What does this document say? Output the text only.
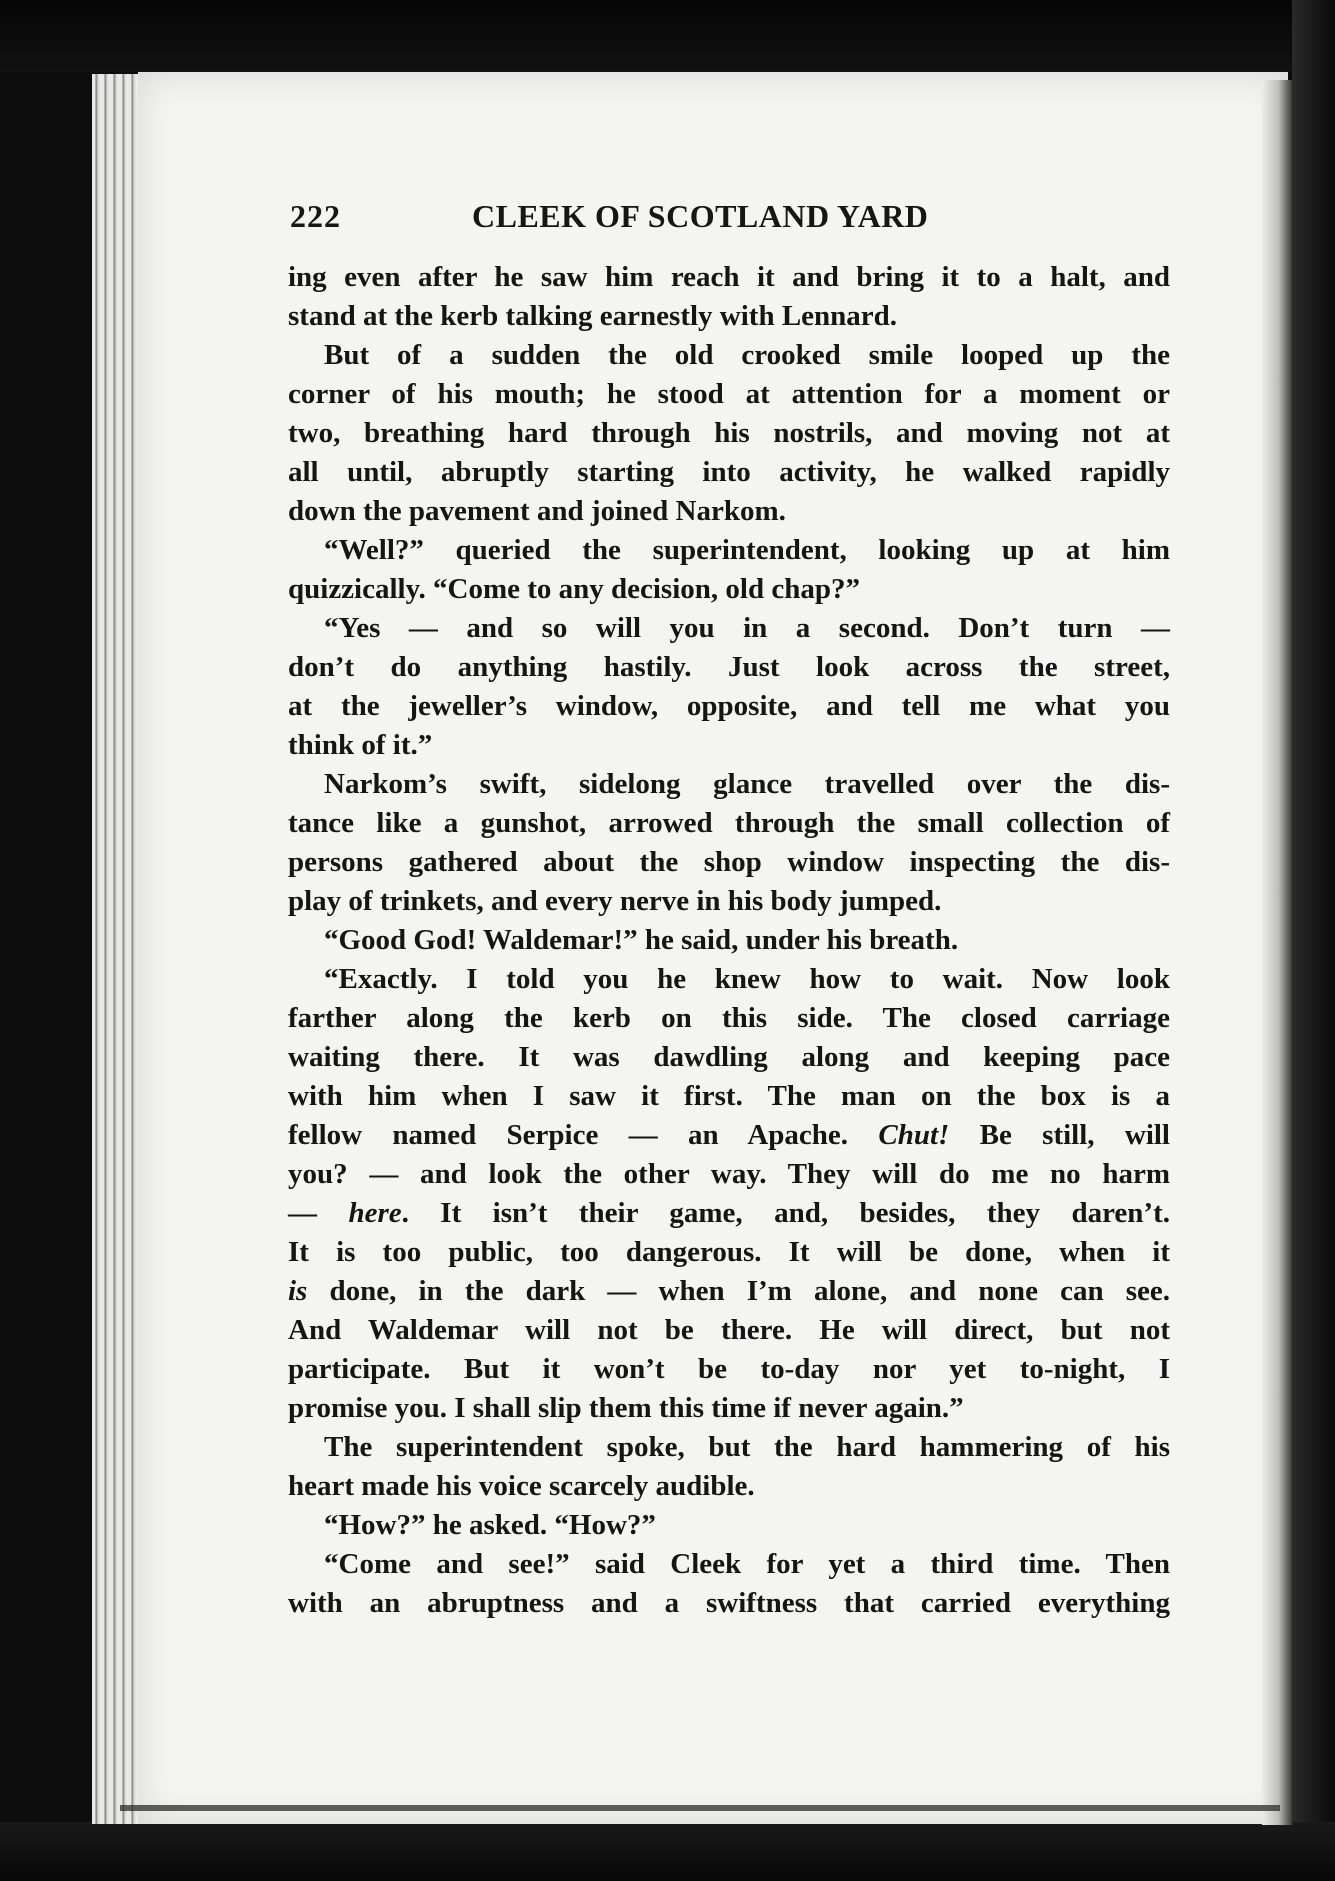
222	CLEEK OF SCOTLAND YARD
ing even after he saw him reach it and bring it to a halt, and
stand at the kerb talking earnestly with Lennard.
But of a sudden the old crooked smile looped up the
corner of his mouth; he stood at attention for a moment or
two, breathing hard through his nostrils, and moving not at
all until, abruptly starting into activity, he walked rapidly
down the pavement and joined Narkom.
“Well?” queried the superintendent, looking up at him
quizzically. “Come to any decision, old chap?”
“Yes — and so will you in a second. Don’t turn —
don’t do anything hastily. Just look across the street,
at the jeweller’s window, opposite, and tell me what you
think of it.”
Narkom’s swift, sidelong glance travelled over the dis-
tance like a gunshot, arrowed through the small collection of
persons gathered about the shop window inspecting the dis-
play of trinkets, and every nerve in his body jumped.
“Good God! Waldemar!” he said, under his breath.
“Exactly. I told you he knew how to wait. Now look
farther along the kerb on this side. The closed carriage
waiting there. It was dawdling along and keeping pace
with him when I saw it first. The man on the box is a
fellow named Serpice — an Apache. Chut! Be still, will
you? — and look the other way. They will do me no harm
— here. It isn’t their game, and, besides, they daren’t.
It is too public, too dangerous. It will be done, when it
is done, in the dark — when I’m alone, and none can see.
And Waldemar will not be there. He will direct, but not
participate. But it won’t be to-day nor yet to-night, I
promise you. I shall slip them this time if never again.”
The superintendent spoke, but the hard hammering of his
heart made his voice scarcely audible.
“How?” he asked. “How?”
“Come and see!” said Cleek for yet a third time. Then
with an abruptness and a swiftness that carried everything
